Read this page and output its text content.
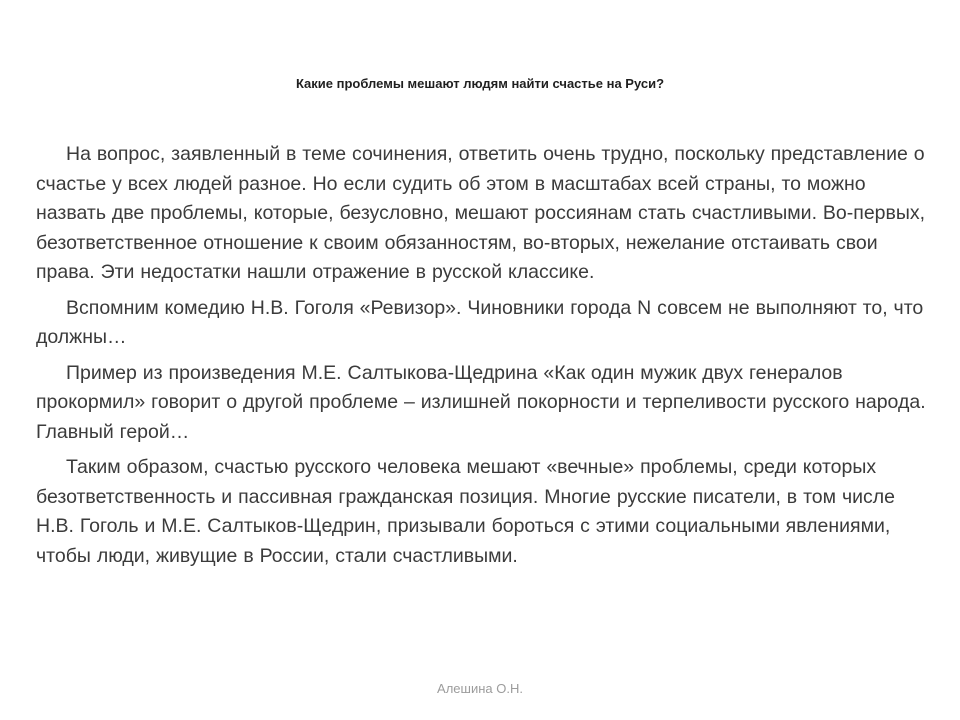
Какие проблемы мешают людям найти счастье на Руси?

На вопрос, заявленный в теме сочинения, ответить очень трудно, поскольку представление о счастье у всех людей разное. Но если судить об этом в масштабах всей страны, то можно назвать две проблемы, которые, безусловно, мешают россиянам стать счастливыми. Во-первых, безответственное отношение к своим обязанностям, во-вторых, нежелание отстаивать свои права. Эти недостатки нашли отражение в русской классике.

Вспомним комедию Н.В. Гоголя «Ревизор». Чиновники города N совсем не выполняют то, что должны…

Пример из произведения М.Е. Салтыкова-Щедрина «Как один мужик двух генералов прокормил» говорит о другой проблеме – излишней покорности и терпеливости русского народа. Главный герой…

Таким образом, счастью русского человека мешают «вечные» проблемы, среди которых безответственность и пассивная гражданская позиция. Многие русские писатели, в том числе Н.В. Гоголь и М.Е. Салтыков-Щедрин, призывали бороться с этими социальными явлениями, чтобы люди, живущие в России, стали счастливыми.

Алешина О.Н.
